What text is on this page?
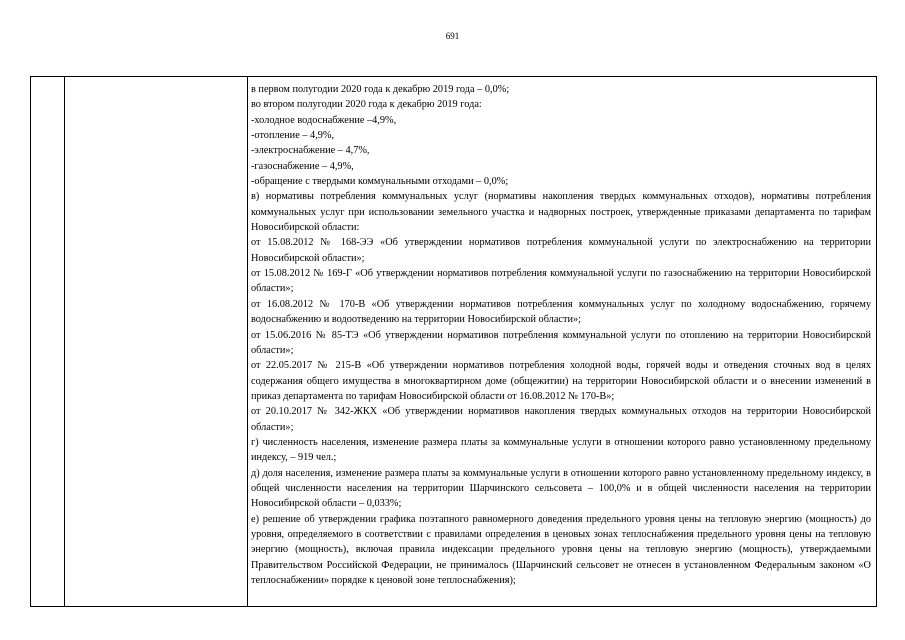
691

в первом полугодии 2020 года к декабрю 2019 года – 0,0%;

во втором полугодии 2020 года к декабрю 2019 года:

-холодное водоснабжение –4,9%,

-отопление – 4,9%,

-электроснабжение – 4,7%,

-газоснабжение – 4,9%,

-обращение с твердыми коммунальными отходами – 0,0%;

в) нормативы потребления коммунальных услуг (нормативы накопления твердых коммунальных отходов), нормативы потребления коммунальных услуг при использовании земельного участка и надворных построек, утвержденные приказами департамента по тарифам Новосибирской области:

от 15.08.2012 № 168-ЭЭ «Об утверждении нормативов потребления коммунальной услуги по электроснабжению на территории Новосибирской области»;

от 15.08.2012 № 169-Г «Об утверждении нормативов потребления коммунальной услуги по газоснабжению на территории Новосибирской области»;

от 16.08.2012 № 170-В «Об утверждении нормативов потребления коммунальных услуг по холодному водоснабжению, горячему водоснабжению и водоотведению на территории Новосибирской области»;

от 15.06.2016 № 85-ТЭ «Об утверждении нормативов потребления коммунальной услуги по отоплению на территории Новосибирской области»;

от 22.05.2017 № 215-В «Об утверждении нормативов потребления холодной воды, горячей воды и отведения сточных вод в целях содержания общего имущества в многоквартирном доме (общежитии) на территории Новосибирской области и о внесении изменений в приказ департамента по тарифам Новосибирской области от 16.08.2012 № 170-В»;

от 20.10.2017 № 342-ЖКХ «Об утверждении нормативов накопления твердых коммунальных отходов на территории Новосибирской области»;

г) численность населения, изменение размера платы за коммунальные услуги в отношении которого равно установленному предельному индексу, – 919 чел.;

д) доля населения, изменение размера платы за коммунальные услуги в отношении которого равно установленному предельному индексу, в общей численности населения на территории Шарчинского сельсовета – 100,0% и в общей численности населения на территории Новосибирской области – 0,033%;

е) решение об утверждении графика поэтапного равномерного доведения предельного уровня цены на тепловую энергию (мощность) до уровня, определяемого в соответствии с правилами определения в ценовых зонах теплоснабжения предельного уровня цены на тепловую энергию (мощность), включая правила индексации предельного уровня цены на тепловую энергию (мощность), утверждаемыми Правительством Российской Федерации, не принималось (Шарчинский сельсовет не отнесен в установленном Федеральным законом «О теплоснабжении» порядке к ценовой зоне теплоснабжения);
